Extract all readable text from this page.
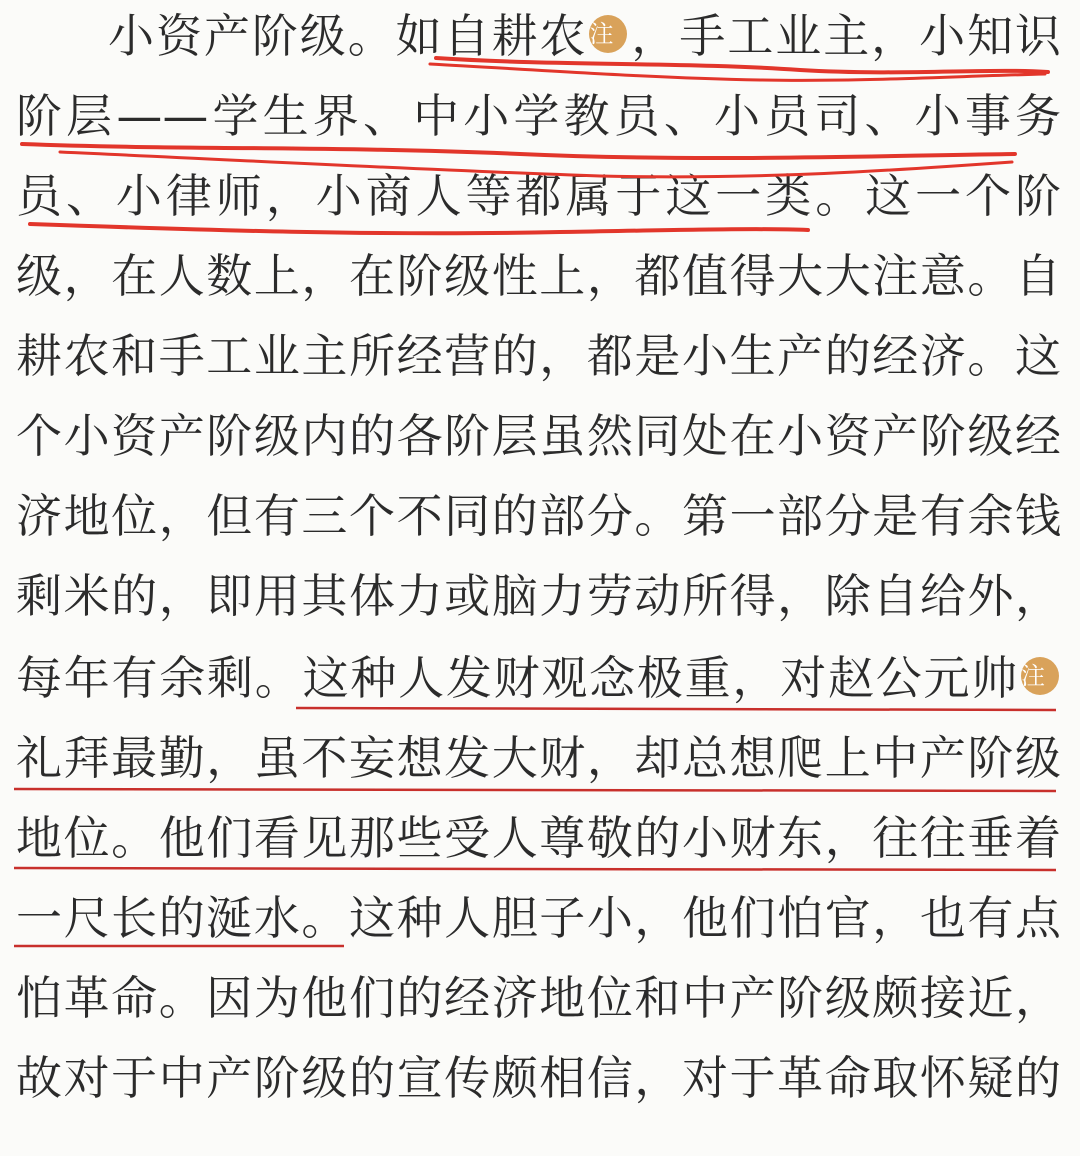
小资产阶级。如自耕农注 ，手工业主，小知识
阶层——学生界、中小学教员、小员司、小事务
员、小律师，小商人等都属于这一类。这一个阶
级，在人数上，在阶级性上，都值得大大注意。自
耕农和手工业主所经营的，都是小生产的经济。这
个小资产阶级内的各阶层虽然同处在小资产阶级经
济地位，但有三个不同的部分。第一部分是有余钱
剩米的，即用其体力或脑力劳动所得，除自给外，
每年有余剩。这种人发财观念极重，对赵公元帅注
礼拜最勤，虽不妄想发大财，却总想爬上中产阶级
地位。他们看见那些受人尊敬的小财东，往往垂着
一尺长的涎水。这种人胆子小，他们怕官，也有点
怕革命。因为他们的经济地位和中产阶级颇接近，
故对于中产阶级的宣传颇相信，对于革命取怀疑的
